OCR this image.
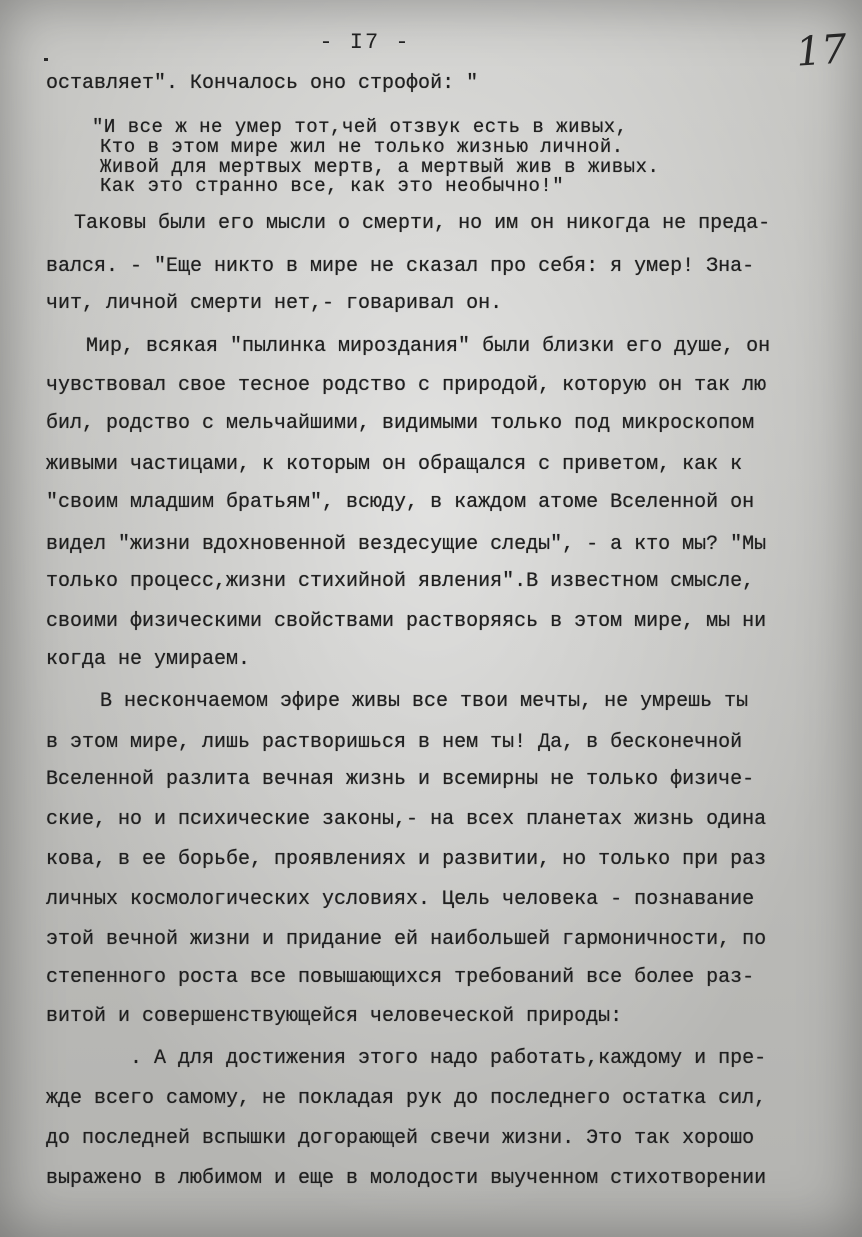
- I7 -	17
оставляет". Кончалось оно строфой: "
"И все ж не умер тот,чей отзвук есть в живых,
Кто в этом мире жил не только жизнью личной.
Живой для мертвых мертв, а мертвый жив в живых.
Как это странно все, как это необычно!"
Таковы были его мысли о смерти, но им он никогда не преда-
вался. - "Еще никто в мире не сказал про себя: я умер! Зна-
чит, личной смерти нет,- говаривал он.
Мир, всякая "пылинка мироздания" были близки его душе, он
чувствовал свое тесное родство с природой, которую он так лю
бил, родство с мельчайшими, видимыми только под микроскопом
живыми частицами, к которым он обращался с приветом, как к
"своим младшим братьям", всюду, в каждом атоме Вселенной он
видел "жизни вдохновенной вездесущие следы", - а кто мы? "Мы
только процесс,жизни стихийной явления".В известном смысле,
своими физическими свойствами растворяясь в этом мире, мы ни
когда не умираем.
В нескончаемом эфире живы все твои мечты, не умрешь ты
в этом мире, лишь растворишься в нем ты! Да, в бесконечной
Вселенной разлита вечная жизнь и всемирны не только физиче-
ские, но и психические законы,- на всех планетах жизнь одина
кова, в ее борьбе, проявлениях и развитии, но только при раз
личных космологических условиях. Цель человека - познавание
этой вечной жизни и придание ей наибольшей гармоничности, по
степенного роста все повышающихся требований все более раз-
витой и совершенствующейся человеческой природы:
. А для достижения этого надо работать,каждому и пре-
жде всего самому, не покладая рук до последнего остатка сил,
до последней вспышки догорающей свечи жизни. Это так хорошо
выражено в любимом и еще в молодости выученном стихотворении
